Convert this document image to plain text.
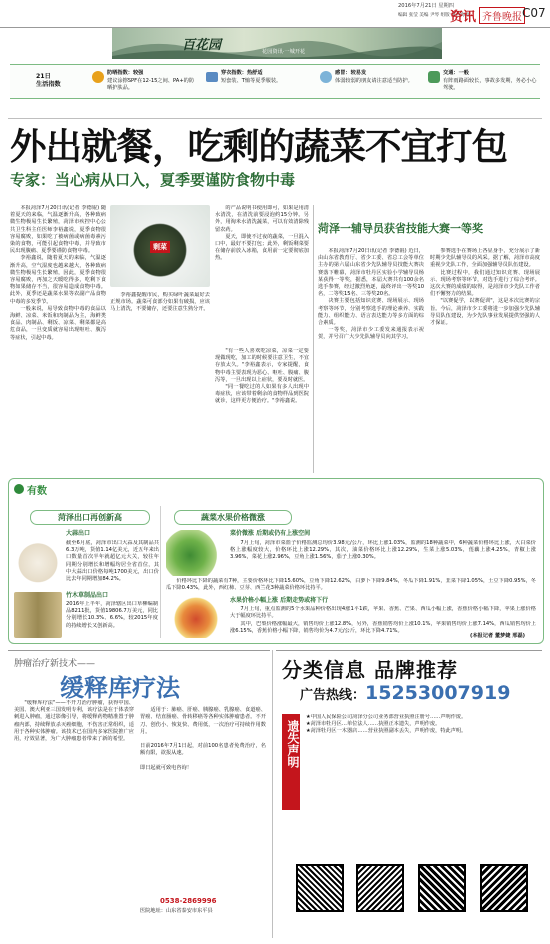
2016年7月21日 星期四
编辑 张莹 美编 尹琴 组版 董西海刚
资讯 齐鲁晚报 C07
百花园	花园资讯·一城开花
21日
生活指数
防晒指数：较强
建议涂擦SPF在12-15之间、PA+的防晒护肤品。
穿衣指数：热舒适
短套装、T恤等夏季服装。
感冒：较易发
体弱较弱的朋友请注意适当防护。
交通：一般
有阵雨路面较长，事故多发期，务必小心驾驶。
外出就餐，吃剩的蔬菜不宜打包
专家：当心病从口入，夏季要谨防食物中毒

本报菏泽7月20日讯(记者 李德锟) 随着夏天的来临，气温逐渐升高，各种致病微生物极易生长繁殖，菏泽市疾控中心公共卫生科主任医师李裕鑫说，夏季食物很容易腐败，如果吃了被病菌或病菌毒素污染的食物，可能引起食物中毒，并导致市民出现腹痛、夏季要谨防食物中毒。

李裕鑫说，随着夏天的来临，气温逐渐升高，空气湿度也越来越大，各种致病微生物极易生长繁殖，因此，夏季食物很容易腐败，再加之天暖吃得多，吃剩下食物如果储存不当，很容易造成食物中毒。此外，夏季还是蔬菜水果等农副产品食物中毒的多发季节。

一般来说，易导致食物中毒的食品以海鲜、凉菜、米饭和肉制品为主，海鲜类食品、肉制品、剩饭、凉菜、剩菜都是高危食品，一旦变质就容易出现呕吐、腹泻等症状，引起中毒。

剩菜

李裕鑫提醒市民，购买绿叶蔬菜最好去正规市场。蔬菜可食部分如果有破损，应该马上清洗，不要储存，还要注意生熟分开。

的产品说明书使用即可，如果是用清水清洗，在清洗前要浸泡约15分钟。另外，用淘米水清洗蔬菜，可以有效清除残留农药。

夏天，即使不过夜的蔬菜，一旦混入口中，最好不要打包；此外，剩饭剩菜要在储存前放入冰箱，食用前一定要彻底加热。

"有一些人喜欢吃凉菜，凉菜一定要现做现吃，加工的时候要注意卫生，不宜存放太久。"李裕鑫表示，专家提醒，食物中毒主要表现为恶心、呕吐、腹痛、腹泻等，一旦出现以上症状，要及时就医。

"同一餐吃过的人如果有多人出现中毒症状，应该带着剩余的食物样品到医院就诊，这样更方便治疗。"李裕鑫说。

菏泽一辅导员获省技能大赛一等奖

本报菏泽7月20日讯(记者 李德锟) 近日，由山东省教育厅、省少工委、省总工会等单位主办的第六届山东省少先队辅导员技能大赛决赛落下帷幕，菏泽市牡丹区实验小学辅导员杨某获得一等奖，据悉，本届大赛共有100余名选手参赛，经过激烈角逐，最终评出一等奖10名，二等奖15名、三等奖20名。

决赛主要包括知识竞赛、现场展示、现场考察等环节，分别考察选手的理论素养、实践能力、组织能力、语言表达能力等多方面的综合素质。

一等奖，菏泽市少工委发来通报表示祝贺，并号召广大少先队辅导员向其学习。

参赛选手在赛场上各显身手，充分展示了新时期少先队辅导员的风采。据了解，菏泽市高度重视少先队工作，全面加强辅导员队伍建设。

比赛过程中，我们通过知识竞赛、现场展示、现场考察等环节，对选手进行了综合考评。这次大赛的成绩的取得，是菏泽市少先队工作者们不懈努力的结果。

"以赛促学，以赛促训"，这是本次比赛的宗旨。今后，菏泽市少工委将进一步加强少先队辅导员队伍建设，为少先队事业发展提供坚强的人才保证。

有数
菏泽出口再创新高
大蒜出口

截至6月底，菏泽市出口大蒜及其制品共6.3万吨，货值1.14亿美元，近五年来出口数量首次半年就超亿元大关，较往年同期分别增长和增幅均居全省首位，其中大蒜出口价格每吨1700美元，出口价比去年同期增加84.2%。

竹木草制品出口

2016年上半年，菏泽辖区出口草柳编制品8211批，货值19806.7万美元，同比分别增长10.3%、6.6%，较2015年度的持续增长又创新高。

蔬菜水果价格微涨
菜价微涨 后期或仍有上涨空间

7月上旬，菏泽市菜篮子价格监测总均价3.98元/公斤，环比上涨1.03%，监测的18种蔬菜中，6种蔬菜价格环比上涨，大白菜价格上涨幅度较大，价格环比上涨12.29%，其次，油菜价格环比上涨12.29%，生菜上涨5.03%，莲藕上涨4.25%，青椒上涨3.96%，菜花上涨2.96%，豆角上涨1.56%，茄子上涨0.30%。

价格环比下降的蔬菜有7种，主要价格环比下降15.60%，豆角下降12.62%，白萝卜下降9.84%，冬瓜下降1.91%，韭菜下降1.05%，土豆下降0.95%，冬瓜下降0.43%，此外，西红柿、豆芽、西兰花3种蔬菜价格环比持平。

水果价格小幅上涨 后期走势或将下行

7月上旬，重点监测的5个水果品种价格出现4涨1平1跌，苹果、香蕉、芒果、西瓜小幅上涨，香蕉价格小幅下降，苹果上涨价格大于幅度环比持平。

其中，巴梨价格涨幅最大，销售均价上涨12.8%，另外，香蕉销售均价上涨10.1%，苹果销售均价上涨7.14%，西瓜销售均价上涨6.15%，香蕉价格小幅下降，销售均价为4.7元/公斤，环比下降4.71%。

(本报记者 董梦婕 邢磊)
肿瘤治疗新技术——
缓释库疗法

"缓释库疗法"——不开刀治疗肿瘤，获得中国、美国、澳大利亚三国发明专利，该疗法是在于体表穿刺进入肿瘤，通过影像引导，将缓释药物精准置于肿瘤内部，持续释放杀灭癌细胞，不伤害正常组织，适用于各种实体肿瘤。该技术已在国内多家医院推广应用，疗效显著，为广大肿瘤患者带来了新的希望。

适用于：肺癌、肝癌、胰腺癌、乳腺癌、食道癌、胃癌、结直肠癌、骨转移癌等各种实体肿瘤患者。不开刀、创伤小、恢复快、费用低，一次治疗可持续作用数月。

日前2016年7月1日起，对前100名患者免费治疗，名额有限，欲报从速。

即日起就可致电咨询！

0538-2869996
医院地址：山东省泰安市东平县
分类信息 品牌推荐
广告热线：15253007919
遗失声明

★中国人民保险公司菏泽分公司业务部营业执照注册号……声明作废。

★菏泽市牡丹区…单位法人……执照正本遗失，声明作废。

★菏泽牡丹区一木器店……营业执照副本丢失，声明作废，特此声明。
